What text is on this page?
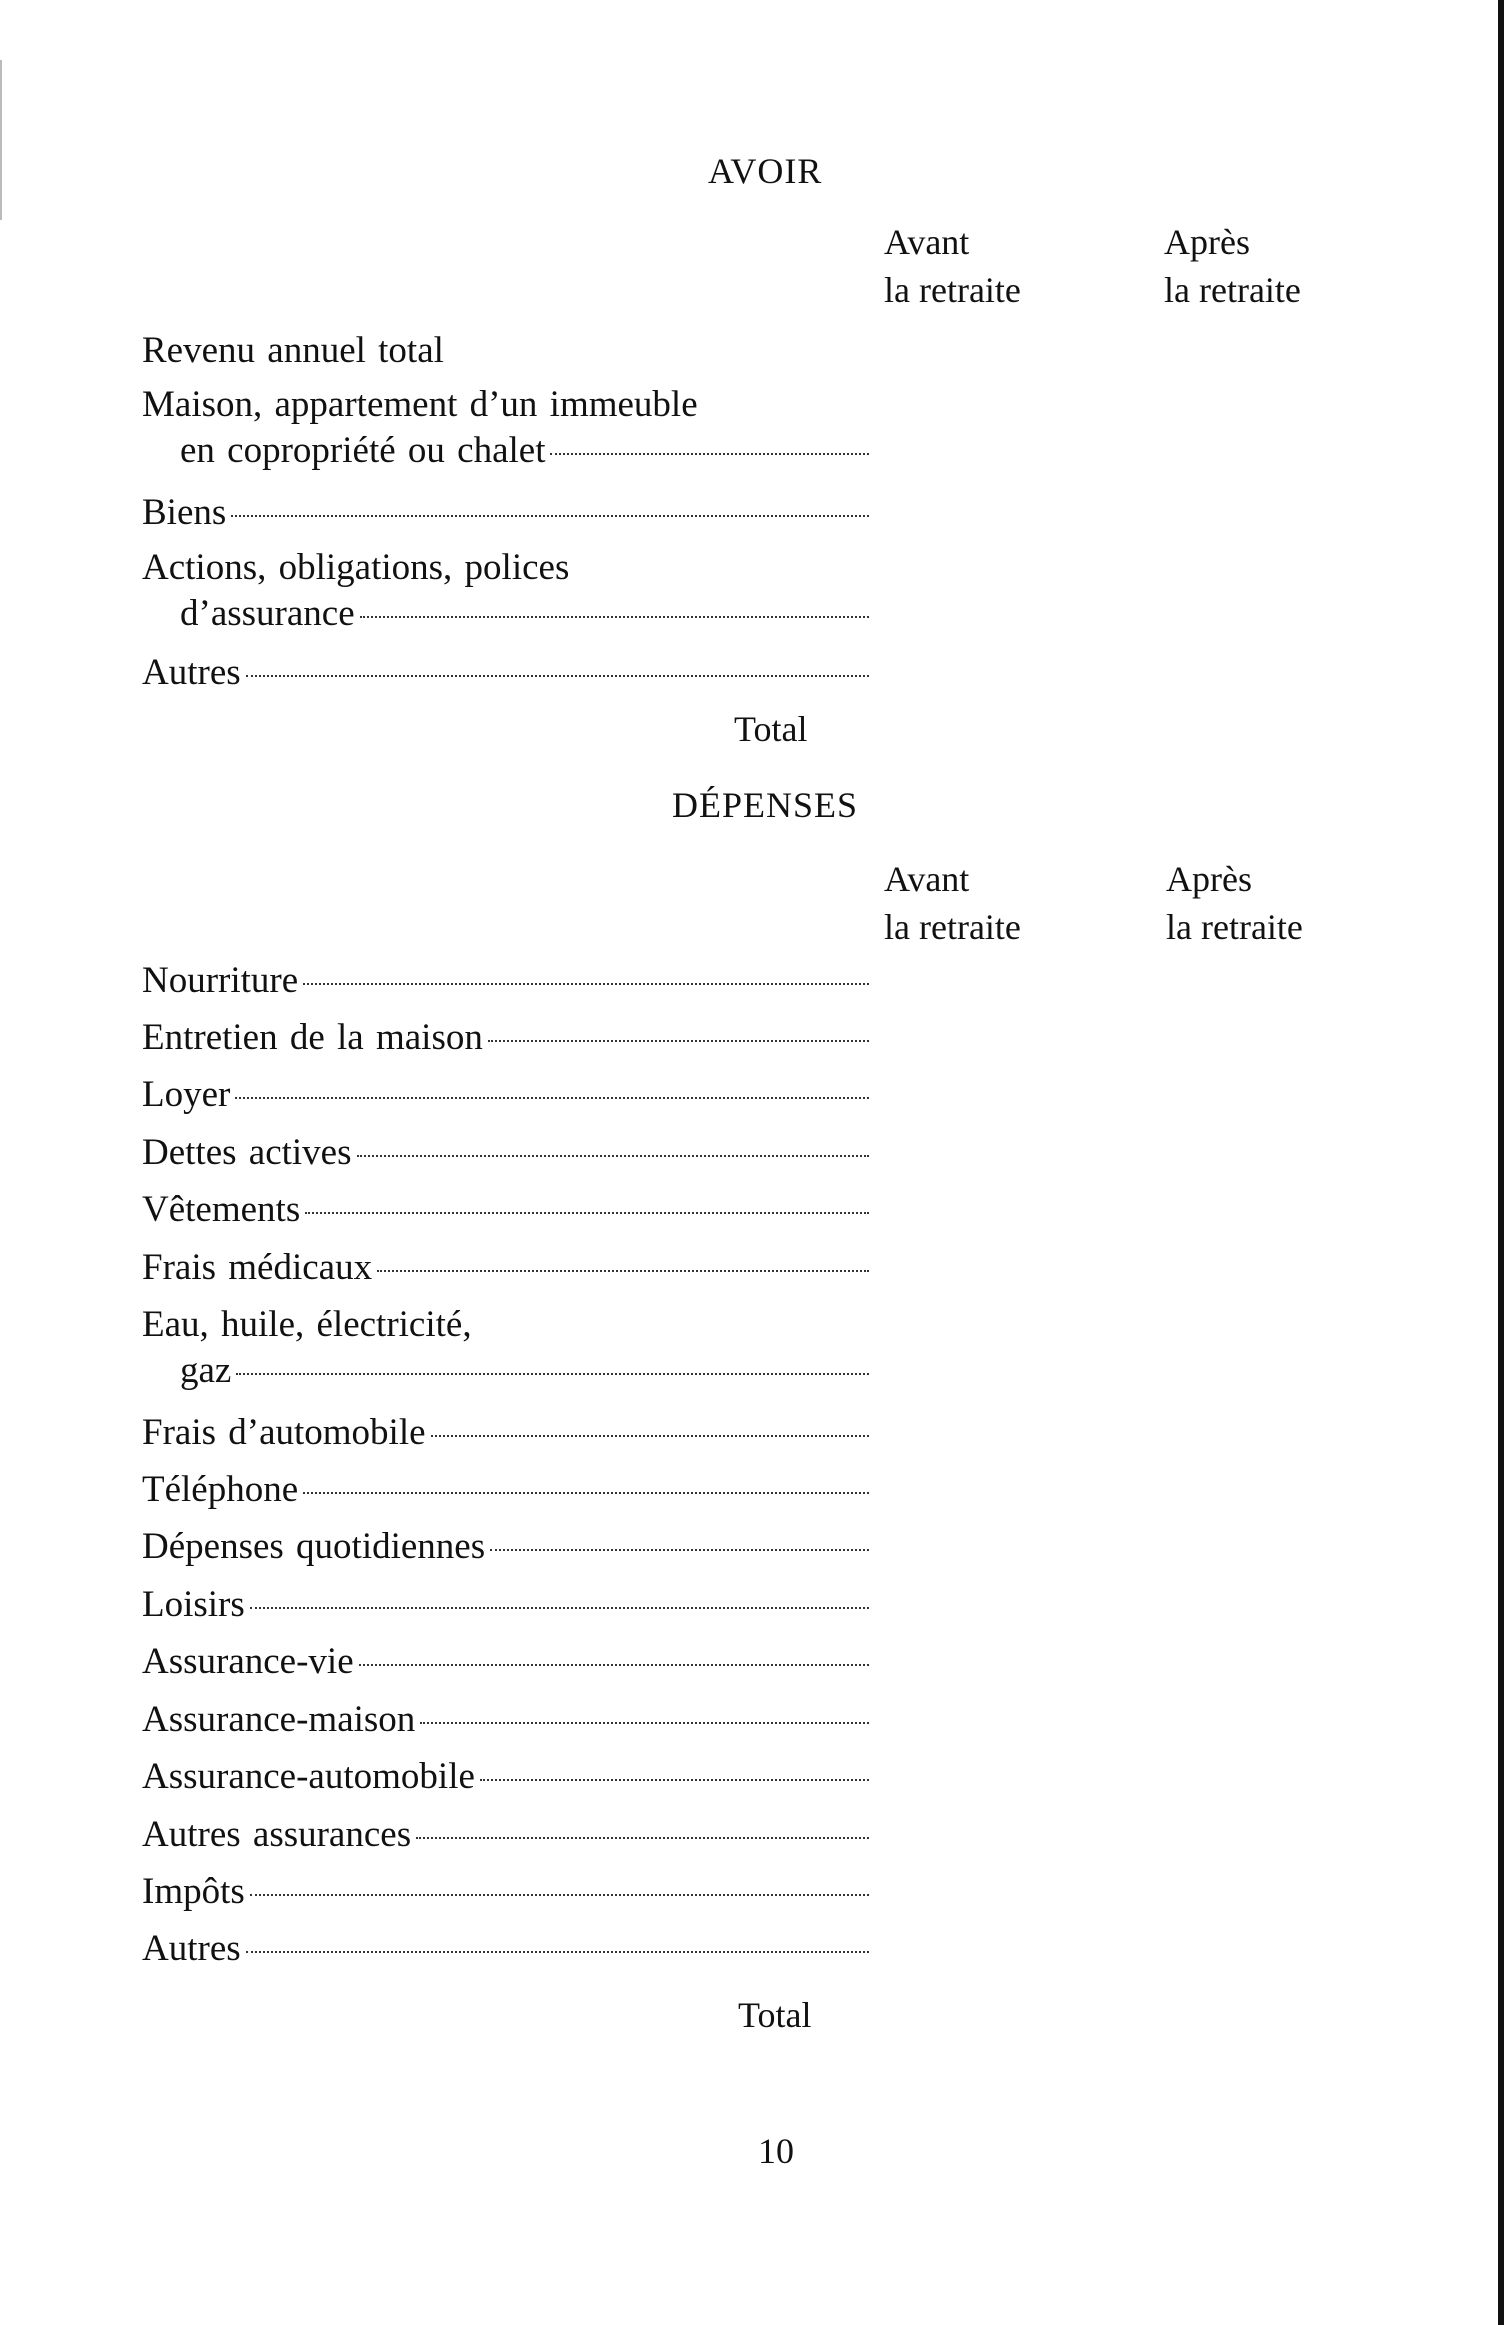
AVOIR
Avant
la retraite
Après
la retraite
Revenu annuel total
Maison, appartement d’un immeuble
en copropriété ou chalet
Biens
Actions, obligations, polices
d’assurance
Autres
Total
DÉPENSES
Avant
la retraite
Après
la retraite
Nourriture
Entretien de la maison
Loyer
Dettes actives
Vêtements
Frais médicaux
Eau, huile, électricité,
gaz
Frais d’automobile
Téléphone
Dépenses quotidiennes
Loisirs
Assurance-vie
Assurance-maison
Assurance-automobile
Autres assurances
Impôts
Autres
Total
10
